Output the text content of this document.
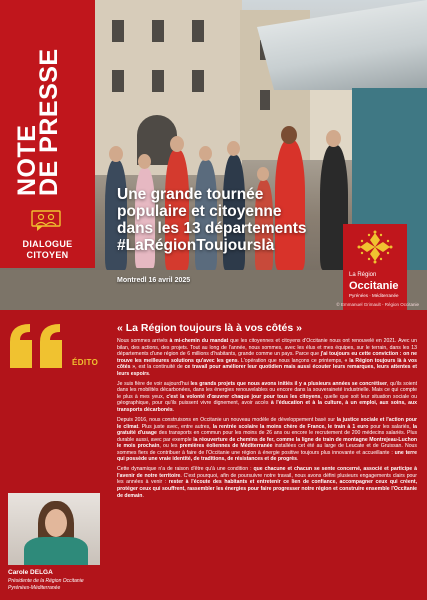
NOTE
DE PRESSE
DIALOGUE
CITOYEN
Une grande tournée
populaire et citoyenne
dans les 13 départements
#LaRégionToujourslà
Montredl 16 avril 2025
La Région
Occitanie
Pyrénées · Méditerranée
© Emmanuel Grimault - Région Occitanie
ÉDITO
Carole DELGA
Présidente de la Région Occitanie Pyrénées-Méditerranée
« La Région toujours là à vos côtés »

Nous sommes arrivés à mi-chemin du mandat que les citoyennes et citoyens d'Occitanie nous ont renouvelé en 2021. Avec un bilan, des actions, des projets. Tout au long de l'année, nous sommes, avec les élus et mes équipes, sur le terrain, dans les 13 départements d'une région de 6 millions d'habitants, grande comme un pays. Parce que j'ai toujours eu cette conviction : on ne trouve les meilleures solutions qu'avec les gens. L'opération que nous lançons ce printemps, « la Région toujours là à vos côtés », est la continuité de ce travail pour améliorer leur quotidien mais aussi écouter leurs remarques, leurs attentes et leurs espoirs.

Je suis fière de voir aujourd'hui les grands projets que nous avons initiés il y a plusieurs années se concrétiser, qu'ils soient dans les mobilités décarbonées, dans les énergies renouvelables ou encore dans la souveraineté industrielle. Mais ce qui compte le plus à mes yeux, c'est la volonté d'œuvrer chaque jour pour tous les citoyens, quelle que soit leur situation sociale ou géographique, pour qu'ils puissent vivre dignement, avoir accès à l'éducation et à la culture, à un emploi, aux soins, aux transports décarbonés.

Depuis 2016, nous construisons en Occitanie un nouveau modèle de développement basé sur la justice sociale et l'action pour le climat. Plus juste avec, entre autres, la rentrée scolaire la moins chère de France, le train à 1 euro pour les salariés, la gratuité d'usage des transports en commun pour les moins de 26 ans ou encore le recrutement de 200 médecins salariés. Plus durable aussi, avec par exemple la réouverture de chemins de fer, comme la ligne de train de montagne Montrejeau-Luchon le mois prochain, ou les premières éoliennes de Méditerranée installées cet été au large de Leucate et de Gruissan. Nous sommes fiers de contribuer à faire de l'Occitanie une région à énergie positive toujours plus innovante et accueillante : une terre qui possède une vraie identité, de traditions, de résistances et de progrès.

Cette dynamique n'a de raison d'être qu'à une condition : que chacune et chacun se sente concerné, associé et participe à l'avenir de notre territoire. C'est pourquoi, afin de poursuivre notre travail, nous avons défini plusieurs engagements clairs pour les années à venir : rester à l'écoute des habitants et entretenir ce lien de confiance, accompagner ceux qui créent, protéger ceux qui souffrent, rassembler les énergies pour faire progresser notre région et construire ensemble l'Occitanie de demain.
